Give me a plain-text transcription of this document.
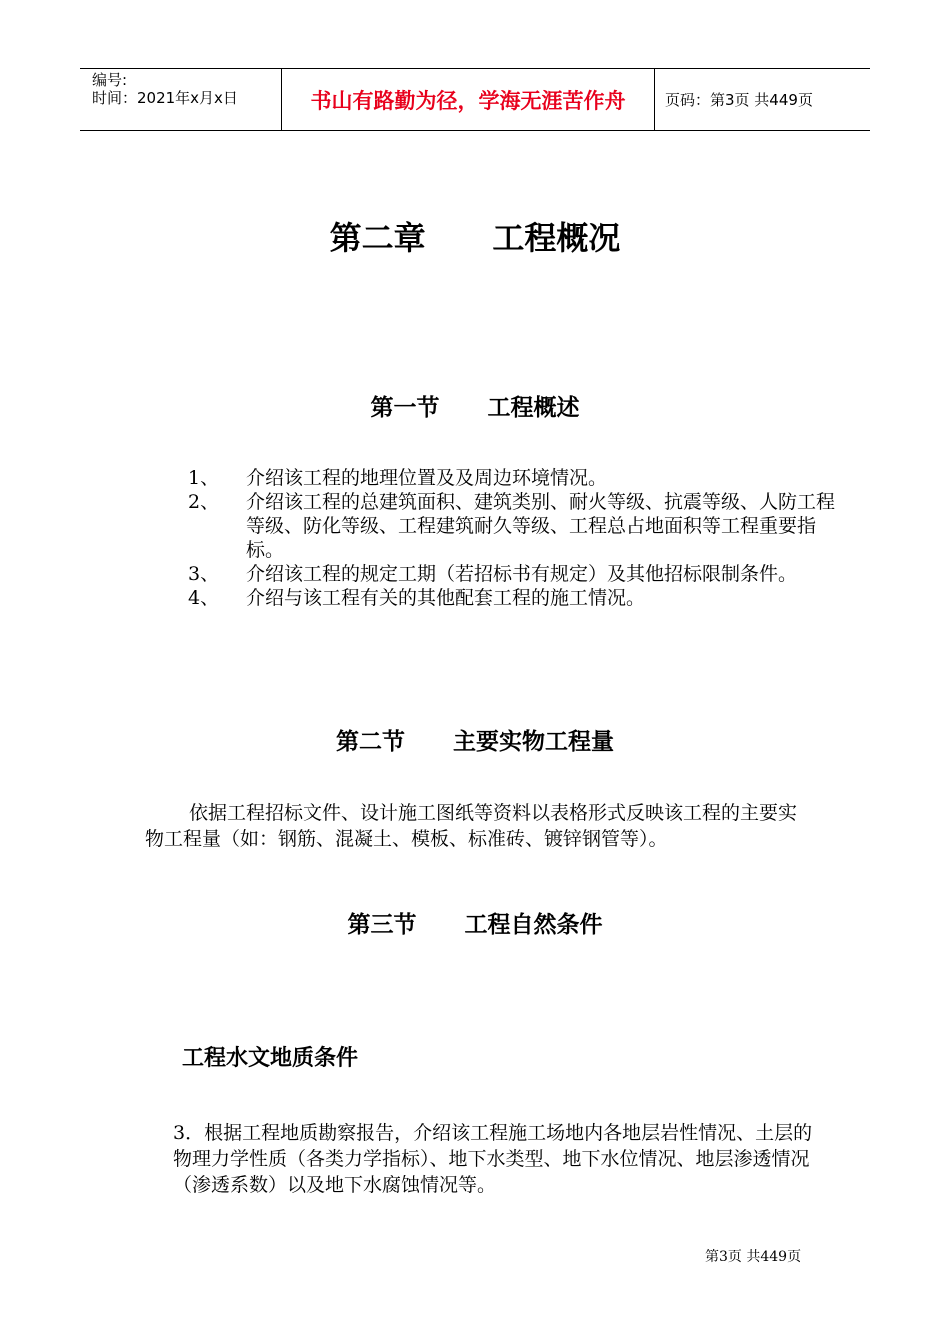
编号:
时间：2021年x月x日	书山有路勤为径，学海无涯苦作舟	页码：第3页 共449页
第二章      工程概况
第一节      工程概述
1、	介绍该工程的地理位置及及周边环境情况。
2、	介绍该工程的总建筑面积、建筑类别、耐火等级、抗震等级、人防工程等级、防化等级、工程建筑耐久等级、工程总占地面积等工程重要指标。
3、	介绍该工程的规定工期（若招标书有规定）及其他招标限制条件。
4、	介绍与该工程有关的其他配套工程的施工情况。
第二节      主要实物工程量
依据工程招标文件、设计施工图纸等资料以表格形式反映该工程的主要实物工程量（如：钢筋、混凝土、模板、标准砖、镀锌钢管等）。
第三节      工程自然条件
工程水文地质条件
3．根据工程地质勘察报告，介绍该工程施工场地内各地层岩性情况、土层的物理力学性质（各类力学指标）、地下水类型、地下水位情况、地层渗透情况（渗透系数）以及地下水腐蚀情况等。
第3页 共449页
